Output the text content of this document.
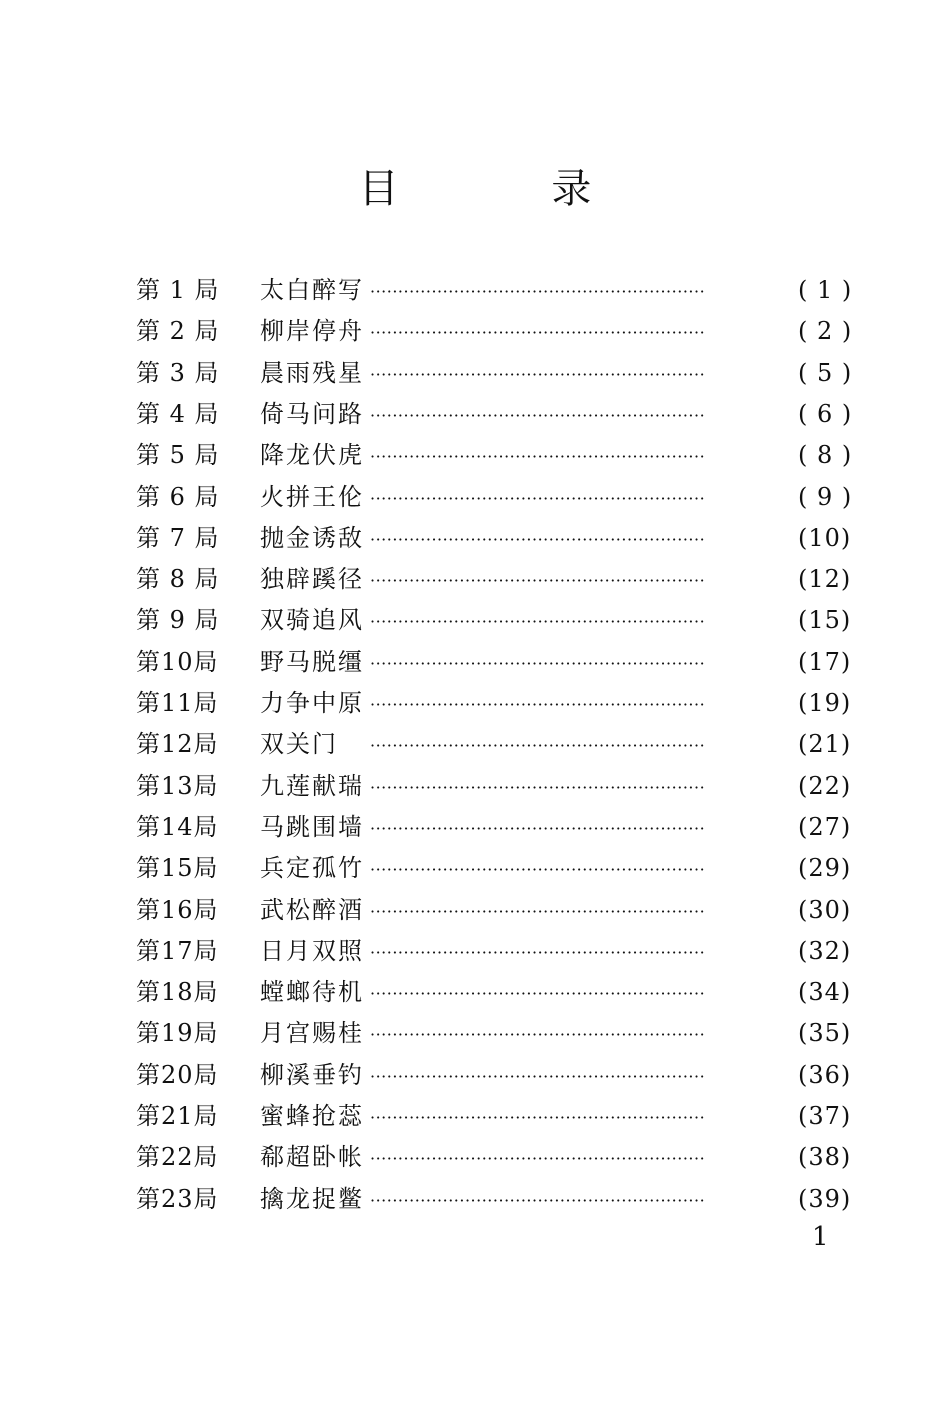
目 录
第 1 局	太白醉写 ····························································	( 1 )
第 2 局	柳岸停舟 ····························································	( 2 )
第 3 局	晨雨残星 ····························································	( 5 )
第 4 局	倚马问路 ····························································	( 6 )
第 5 局	降龙伏虎 ····························································	( 8 )
第 6 局	火拼王伦 ····························································	( 9 )
第 7 局	抛金诱敌 ····························································	(10)
第 8 局	独辟蹊径 ····························································	(12)
第 9 局	双骑追风 ····························································	(15)
第10局	野马脱缰 ····························································	(17)
第11局	力争中原 ····························································	(19)
第12局	双关门 ····························································	(21)
第13局	九莲献瑞 ····························································	(22)
第14局	马跳围墙 ····························································	(27)
第15局	兵定孤竹 ····························································	(29)
第16局	武松醉酒 ····························································	(30)
第17局	日月双照 ····························································	(32)
第18局	螳螂待机 ····························································	(34)
第19局	月宫赐桂 ····························································	(35)
第20局	柳溪垂钓 ····························································	(36)
第21局	蜜蜂抢蕊 ····························································	(37)
第22局	郗超卧帐 ····························································	(38)
第23局	擒龙捉鳖 ····························································	(39)
1
